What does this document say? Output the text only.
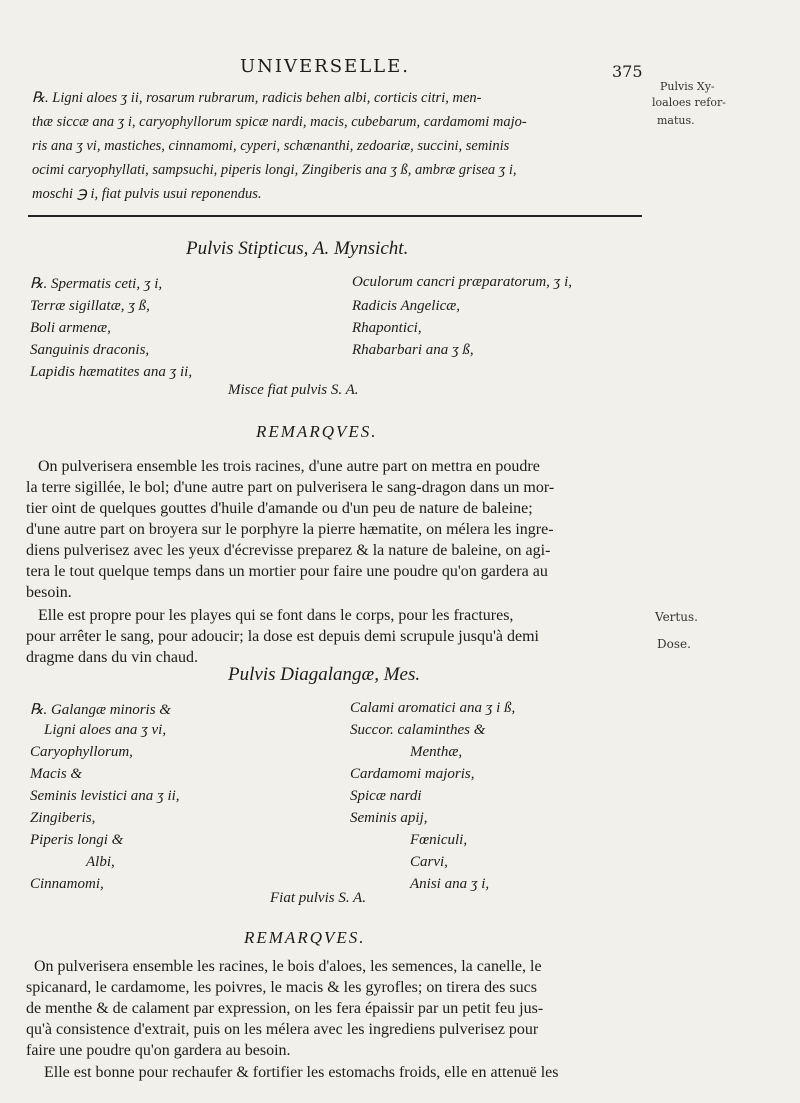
UNIVERSELLE.	375
Pulvis Xy-
loaloes refor-
matus.
Vertus.
Dose.
℞. Ligni aloes ʒ ii, rosarum rubrarum, radicis behen albi, corticis citri, men-
thæ siccæ ana ʒ i, caryophyllorum spicæ nardi, macis, cubebarum, cardamomi majo-
ris ana ʒ vi, mastiches, cinnamomi, cyperi, schænanthi, zedoariæ, succini, seminis
ocimi caryophyllati, sampsuchi, piperis longi, Zingiberis ana ʒ ß, ambræ grisea ʒ i,
moschi ℈ i, fiat pulvis usui reponendus.
Pulvis Stipticus, A. Mynsicht.
℞. Spermatis ceti, ʒ i,
Terræ sigillatæ, ʒ ß,
Boli armenæ,
Sanguinis draconis,
Lapidis hæmatites ana ʒ ii,
Oculorum cancri præparatorum, ʒ i,
Radicis Angelicæ,
Rhapontici,
Rhabarbari ana ʒ ß,
Misce fiat pulvis S. A.
REMARQVES.
On pulverisera ensemble les trois racines, d'une autre part on mettra en poudre
la terre sigillée, le bol; d'une autre part on pulverisera le sang-dragon dans un mor-
tier oint de quelques gouttes d'huile d'amande ou d'un peu de nature de baleine;
d'une autre part on broyera sur le porphyre la pierre hæmatite, on mélera les ingre-
diens pulverisez avec les yeux d'écrevisse preparez & la nature de baleine, on agi-
tera le tout quelque temps dans un mortier pour faire une poudre qu'on gardera au
besoin.
Elle est propre pour les playes qui se font dans le corps, pour les fractures,
pour arrêter le sang, pour adoucir; la dose est depuis demi scrupule jusqu'à demi
dragme dans du vin chaud.
Pulvis Diagalangæ, Mes.
℞. Galangæ minoris &
Ligni aloes ana ʒ vi,
Caryophyllorum,
Macis &
Seminis levistici ana ʒ ii,
Zingiberis,
Piperis longi &
Albi,
Cinnamomi,
Calami aromatici ana ʒ i ß,
Succor. calaminthes &
Menthæ,
Cardamomi majoris,
Spicæ nardi
Seminis apij,
Fœniculi,
Carvi,
Anisi ana ʒ i,
Fiat pulvis S. A.
REMARQVES.
On pulverisera ensemble les racines, le bois d'aloes, les semences, la canelle, le
spicanard, le cardamome, les poivres, le macis & les gyrofles; on tirera des sucs
de menthe & de calament par expression, on les fera épaissir par un petit feu jus-
qu'à consistence d'extrait, puis on les mélera avec les ingrediens pulverisez pour
faire une poudre qu'on gardera au besoin.
Elle est bonne pour rechaufer & fortifier les estomachs froids, elle en attenuë les
